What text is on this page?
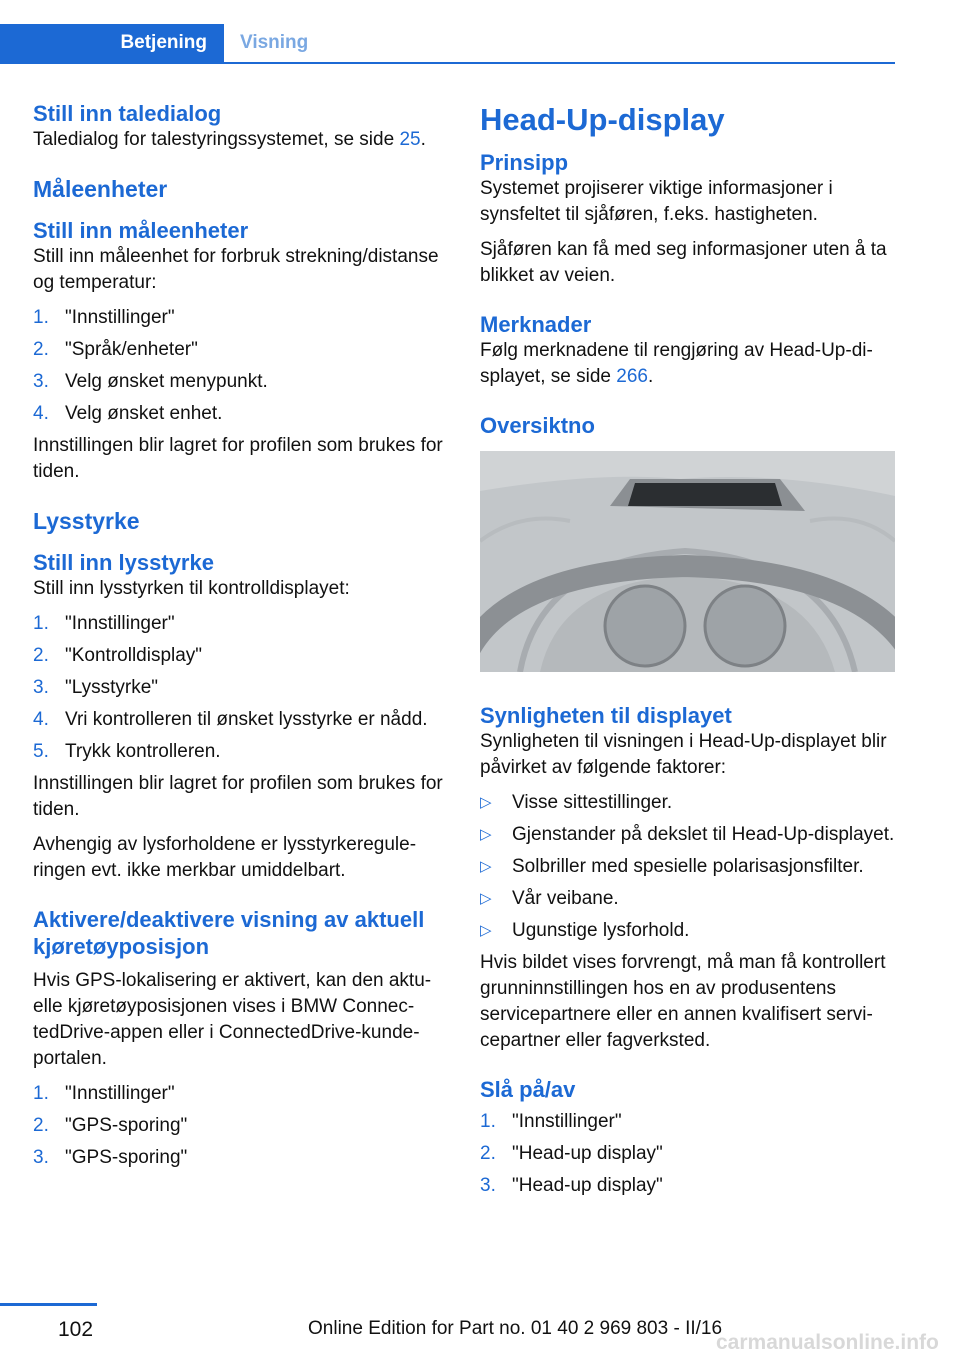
Betjening	Visning
Still inn taledialog

Taledialog for talestyringssystemet, se side 25.

Måleenheter
Still inn måleenheter

Still inn måleenhet for forbruk strekning/distanse og temperatur:

1. "Innstillinger"
2. "Språk/enheter"
3. Velg ønsket menypunkt.
4. Velg ønsket enhet.

Innstillingen blir lagret for profilen som brukes for tiden.

Lysstyrke
Still inn lysstyrke

Still inn lysstyrken til kontrolldisplayet:

1. "Innstillinger"
2. "Kontrolldisplay"
3. "Lysstyrke"
4. Vri kontrolleren til ønsket lysstyrke er nådd.
5. Trykk kontrolleren.

Innstillingen blir lagret for profilen som brukes for tiden.

Avhengig av lysforholdene er lysstyrkereguleringen evt. ikke merkbar umiddelbart.

Aktivere/deaktivere visning av aktuell kjøretøyposisjon

Hvis GPS-lokalisering er aktivert, kan den aktuelle kjøretøyposisjonen vises i BMW ConnectedDrive-appen eller i ConnectedDrive-kundeportalen.

1. "Innstillinger"
2. "GPS-sporing"
3. "GPS-sporing"
Head-Up-display
Prinsipp

Systemet projiserer viktige informasjoner i synsfeltet til sjåføren, f.eks. hastigheten.

Sjåføren kan få med seg informasjoner uten å ta blikket av veien.

Merknader

Følg merknadene til rengjøring av Head-Up-displayet, se side 266.

Oversiktno
Synligheten til displayet

Synligheten til visningen i Head-Up-displayet blir påvirket av følgende faktorer:

▷ Visse sittestillinger.
▷ Gjenstander på dekslet til Head-Up-displayet.
▷ Solbriller med spesielle polarisasjonsfilter.
▷ Vår veibane.
▷ Ugunstige lysforhold.

Hvis bildet vises forvrengt, må man få kontrollert grunninnstillingen hos en av produsentens servicepartnere eller en annen kvalifisert servicepartner eller fagverksted.

Slå på/av
1. "Innstillinger"
2. "Head-up display"
3. "Head-up display"
102	Online Edition for Part no. 01 40 2 969 803 - II/16
carmanualsonline.info
